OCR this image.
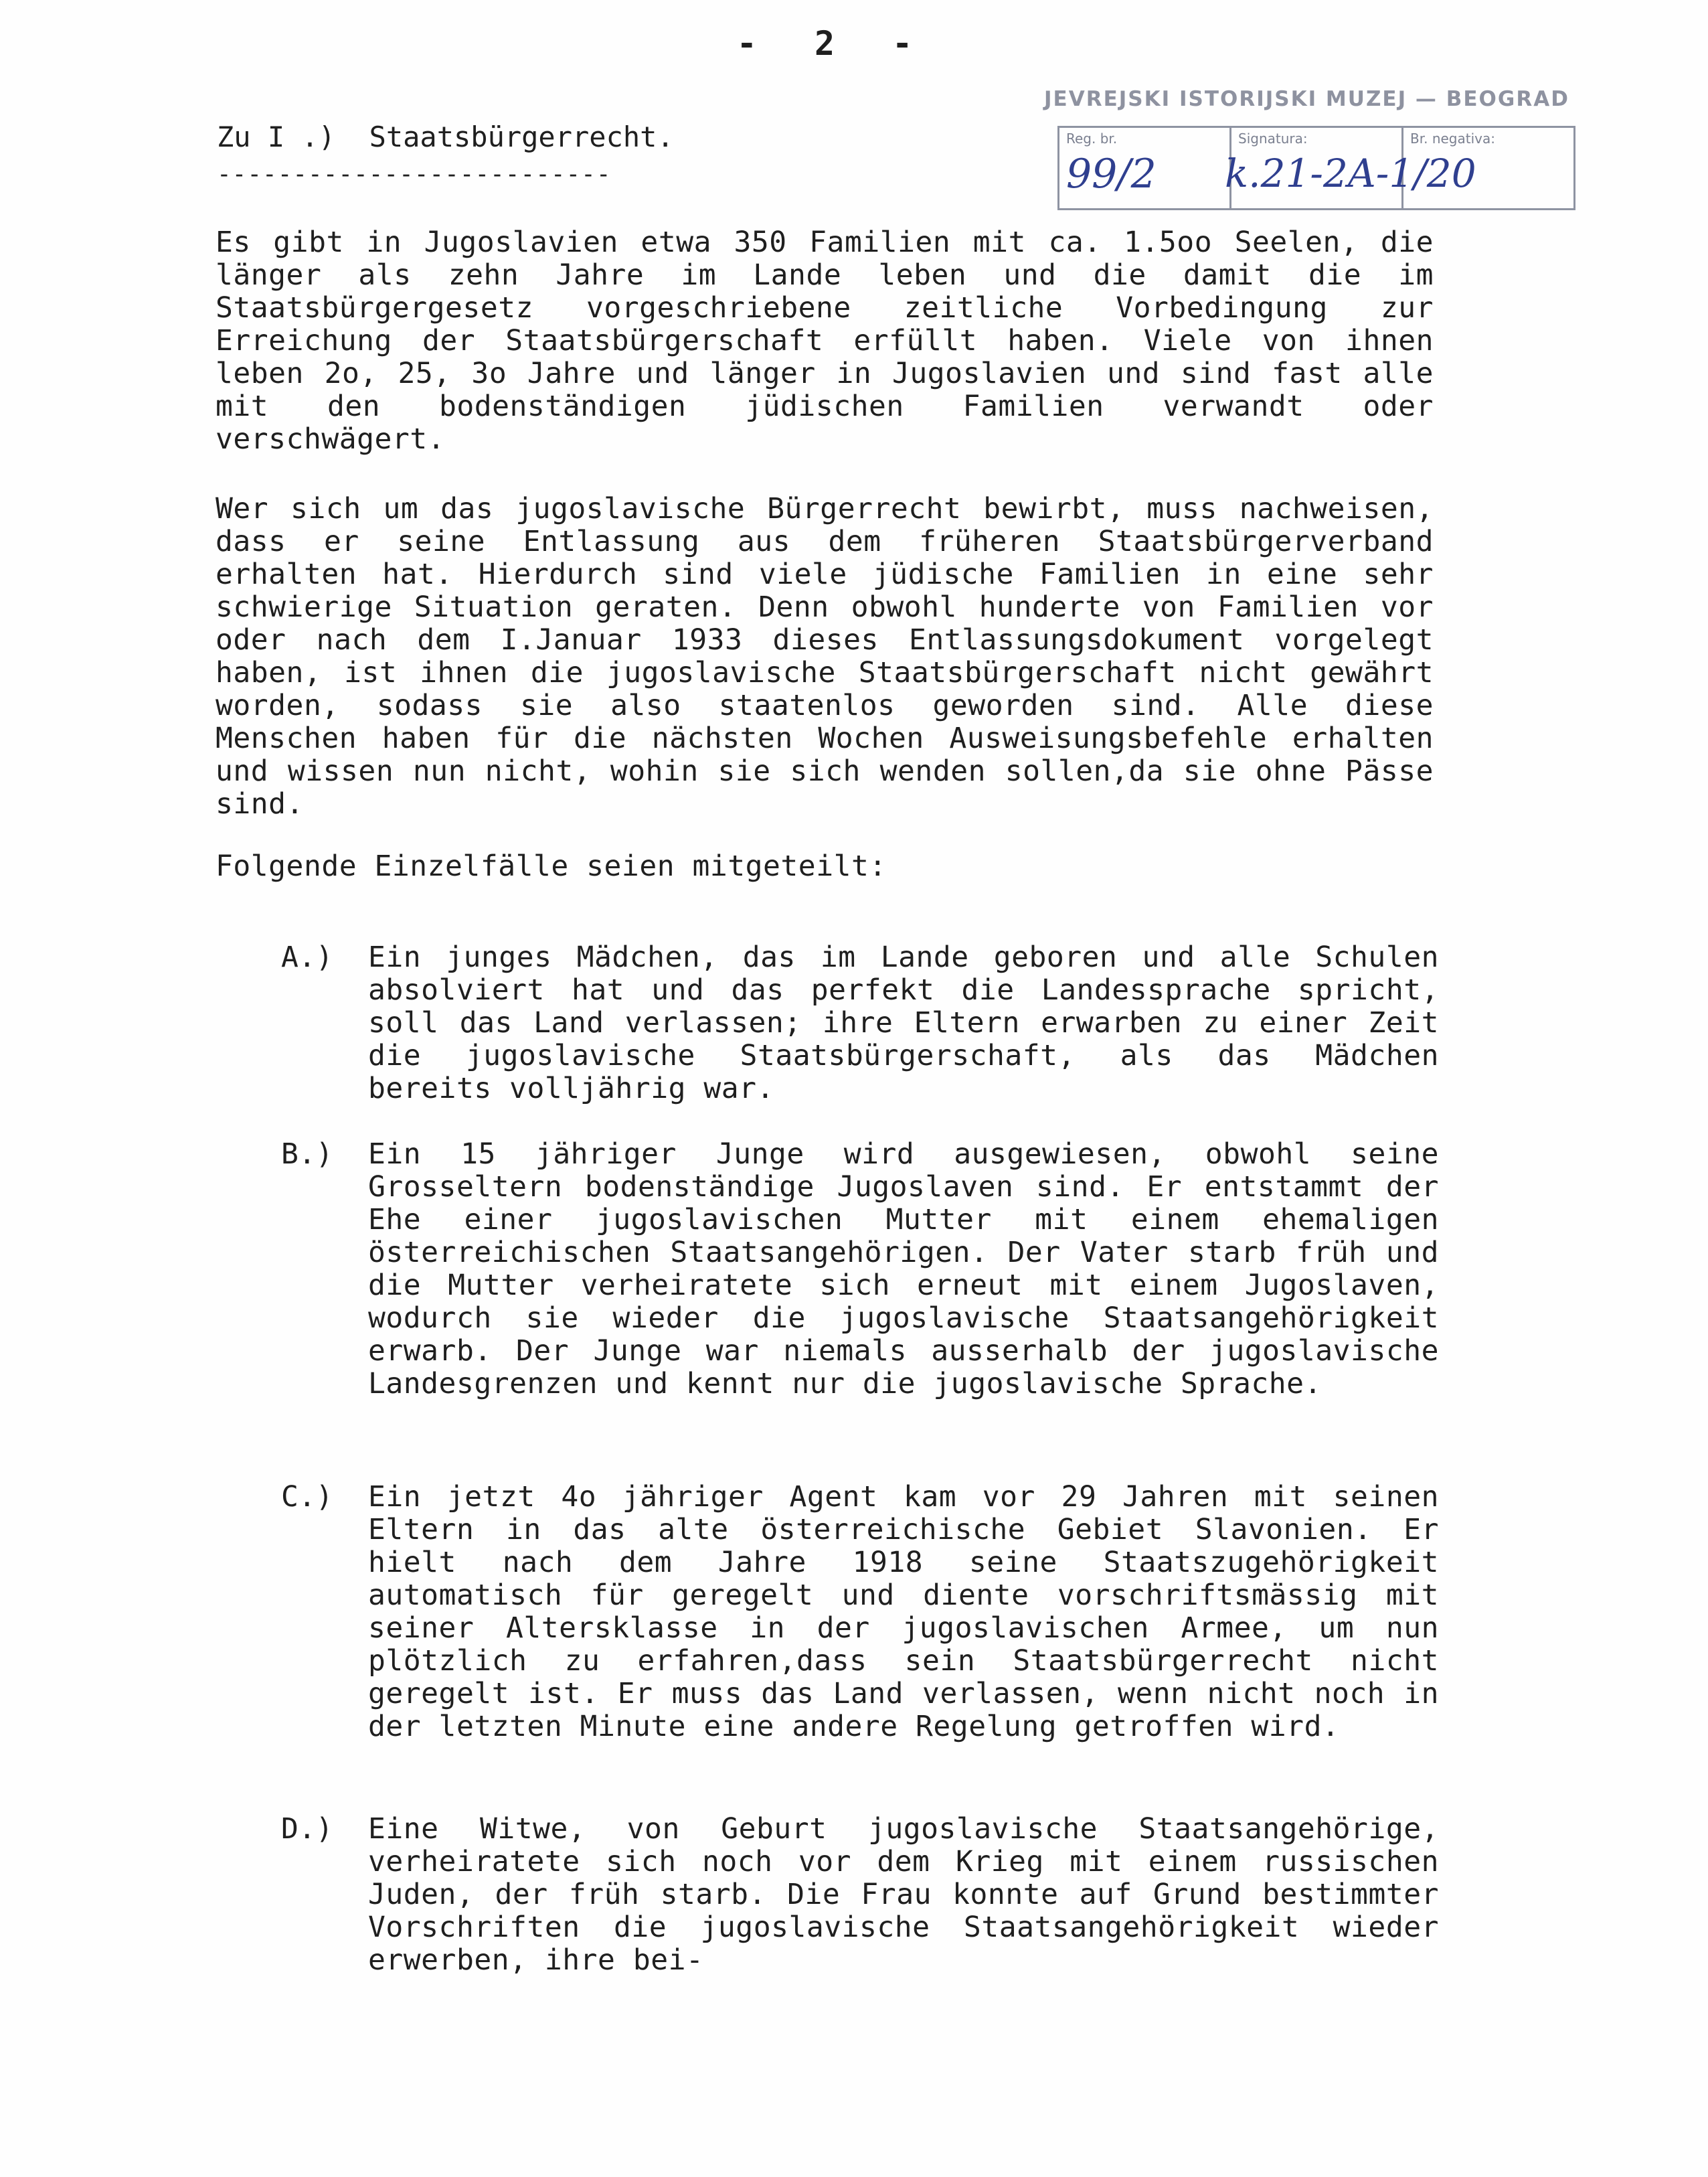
- 2 -
JEVREJSKI ISTORIJSKI MUZEJ — BEOGRAD
Reg. br.
99/2
Signatura:
k.21-2A-1/20
Br. negativa:
Zu I .)  Staatsbürgerrecht.
--------------------------
Es gibt in Jugoslavien etwa 350 Familien mit ca. 1.5oo Seelen, die länger als zehn Jahre im Lande leben und die damit die im Staatsbürgergesetz vorgeschriebene zeitliche Vorbedingung zur Erreichung der Staatsbürgerschaft erfüllt haben. Viele von ihnen leben 2o, 25, 3o Jahre und länger in Jugoslavien und sind fast alle mit den bodenständigen jüdischen Familien verwandt oder verschwägert.
Wer sich um das jugoslavische Bürgerrecht bewirbt, muss nachweisen, dass er seine Entlassung aus dem früheren Staatsbürgerverband erhalten hat. Hierdurch sind viele jüdische Familien in eine sehr schwierige Situation geraten. Denn obwohl hunderte von Familien vor oder nach dem I.Januar 1933 dieses Entlassungsdokument vorgelegt haben, ist ihnen die jugoslavische Staatsbürgerschaft nicht gewährt worden, sodass sie also staatenlos geworden sind. Alle diese Menschen haben für die nächsten Wochen Ausweisungsbefehle erhalten und wissen nun nicht, wohin sie sich wenden sollen,da sie ohne Pässe sind.
Folgende Einzelfälle seien mitgeteilt:
A.) Ein junges Mädchen, das im Lande geboren und alle Schulen absolviert hat und das perfekt die Landessprache spricht, soll das Land verlassen; ihre Eltern erwarben zu einer Zeit die jugoslavische Staatsbürgerschaft, als das Mädchen bereits volljährig war.
B.) Ein 15 jähriger Junge wird ausgewiesen, obwohl seine Grosseltern bodenständige Jugoslaven sind. Er entstammt der Ehe einer jugoslavischen Mutter mit einem ehemaligen österreichischen Staatsangehörigen. Der Vater starb früh und die Mutter verheiratete sich erneut mit einem Jugoslaven, wodurch sie wieder die jugoslavische Staatsangehörigkeit erwarb. Der Junge war niemals ausserhalb der jugoslavische Landesgrenzen und kennt nur die jugoslavische Sprache.
C.) Ein jetzt 4o jähriger Agent kam vor 29 Jahren mit seinen Eltern in das alte österreichische Gebiet Slavonien. Er hielt nach dem Jahre 1918 seine Staatszugehörigkeit automatisch für geregelt und diente vorschriftsmässig mit seiner Altersklasse in der jugoslavischen Armee, um nun plötzlich zu erfahren,dass sein Staatsbürgerrecht nicht geregelt ist. Er muss das Land verlassen, wenn nicht noch in der letzten Minute eine andere Regelung getroffen wird.
D.) Eine Witwe, von Geburt jugoslavische Staatsangehörige, verheiratete sich noch vor dem Krieg mit einem russischen Juden, der früh starb. Die Frau konnte auf Grund bestimmter Vorschriften die jugoslavische Staatsangehörigkeit wieder erwerben, ihre bei-
